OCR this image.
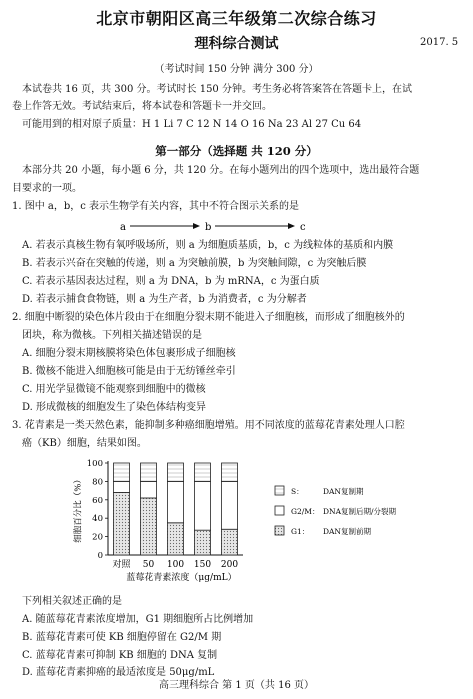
北京市朝阳区高三年级第二次综合练习
理科综合测试	2017. 5
（考试时间 150 分钟 满分 300 分）
本试卷共 16 页，共 300 分。考试时长 150 分钟。考生务必将答案答在答题卡上，在试
卷上作答无效。考试结束后，将本试卷和答题卡一并交回。
可能用到的相对原子质量：H 1 Li 7 C 12 N 14 O 16 Na 23 Al 27 Cu 64
第一部分（选择题 共 120 分）
本部分共 20 小题，每小题 6 分，共 120 分。在每小题列出的四个选项中，选出最符合题
目要求的一项。
1. 图中 a，b，c 表示生物学有关内容，其中不符合图示关系的是
a	b	c
A. 若表示真核生物有氧呼吸场所，则 a 为细胞质基质，b，c 为线粒体的基质和内膜
B. 若表示兴奋在突触的传递，则 a 为突触前膜，b 为突触间隙，c 为突触后膜
C. 若表示基因表达过程，则 a 为 DNA，b 为 mRNA，c 为蛋白质
D. 若表示捕食食物链，则 a 为生产者，b 为消费者，c 为分解者
2. 细胞中断裂的染色体片段由于在细胞分裂末期不能进入子细胞核，而形成了细胞核外的
团块，称为微核。下列相关描述错误的是
A. 细胞分裂末期核膜将染色体包裹形成子细胞核
B. 微核不能进入细胞核可能是由于无纺锤丝牵引
C. 用光学显微镜不能观察到细胞中的微核
D. 形成微核的细胞发生了染色体结构变异
3. 花青素是一类天然色素，能抑制多种癌细胞增殖。用不同浓度的蓝莓花青素处理人口腔
癌（KB）细胞，结果如图。
细胞百分比（%）
0
20
40
60
80
100
对照 50 100 150 200
蓝莓花青素浓度（μg/mL）
S：	DAN复制期
G2/M： DNA复制后期/分裂期
G1： DAN复制前期
下列相关叙述正确的是
A. 随蓝莓花青素浓度增加，G1 期细胞所占比例增加
B. 蓝莓花青素可使 KB 细胞停留在 G2/M 期
C. 蓝莓花青素可抑制 KB 细胞的 DNA 复制
D. 蓝莓花青素抑癌的最适浓度是 50μg/mL
高三理科综合 第 1 页（共 16 页）
